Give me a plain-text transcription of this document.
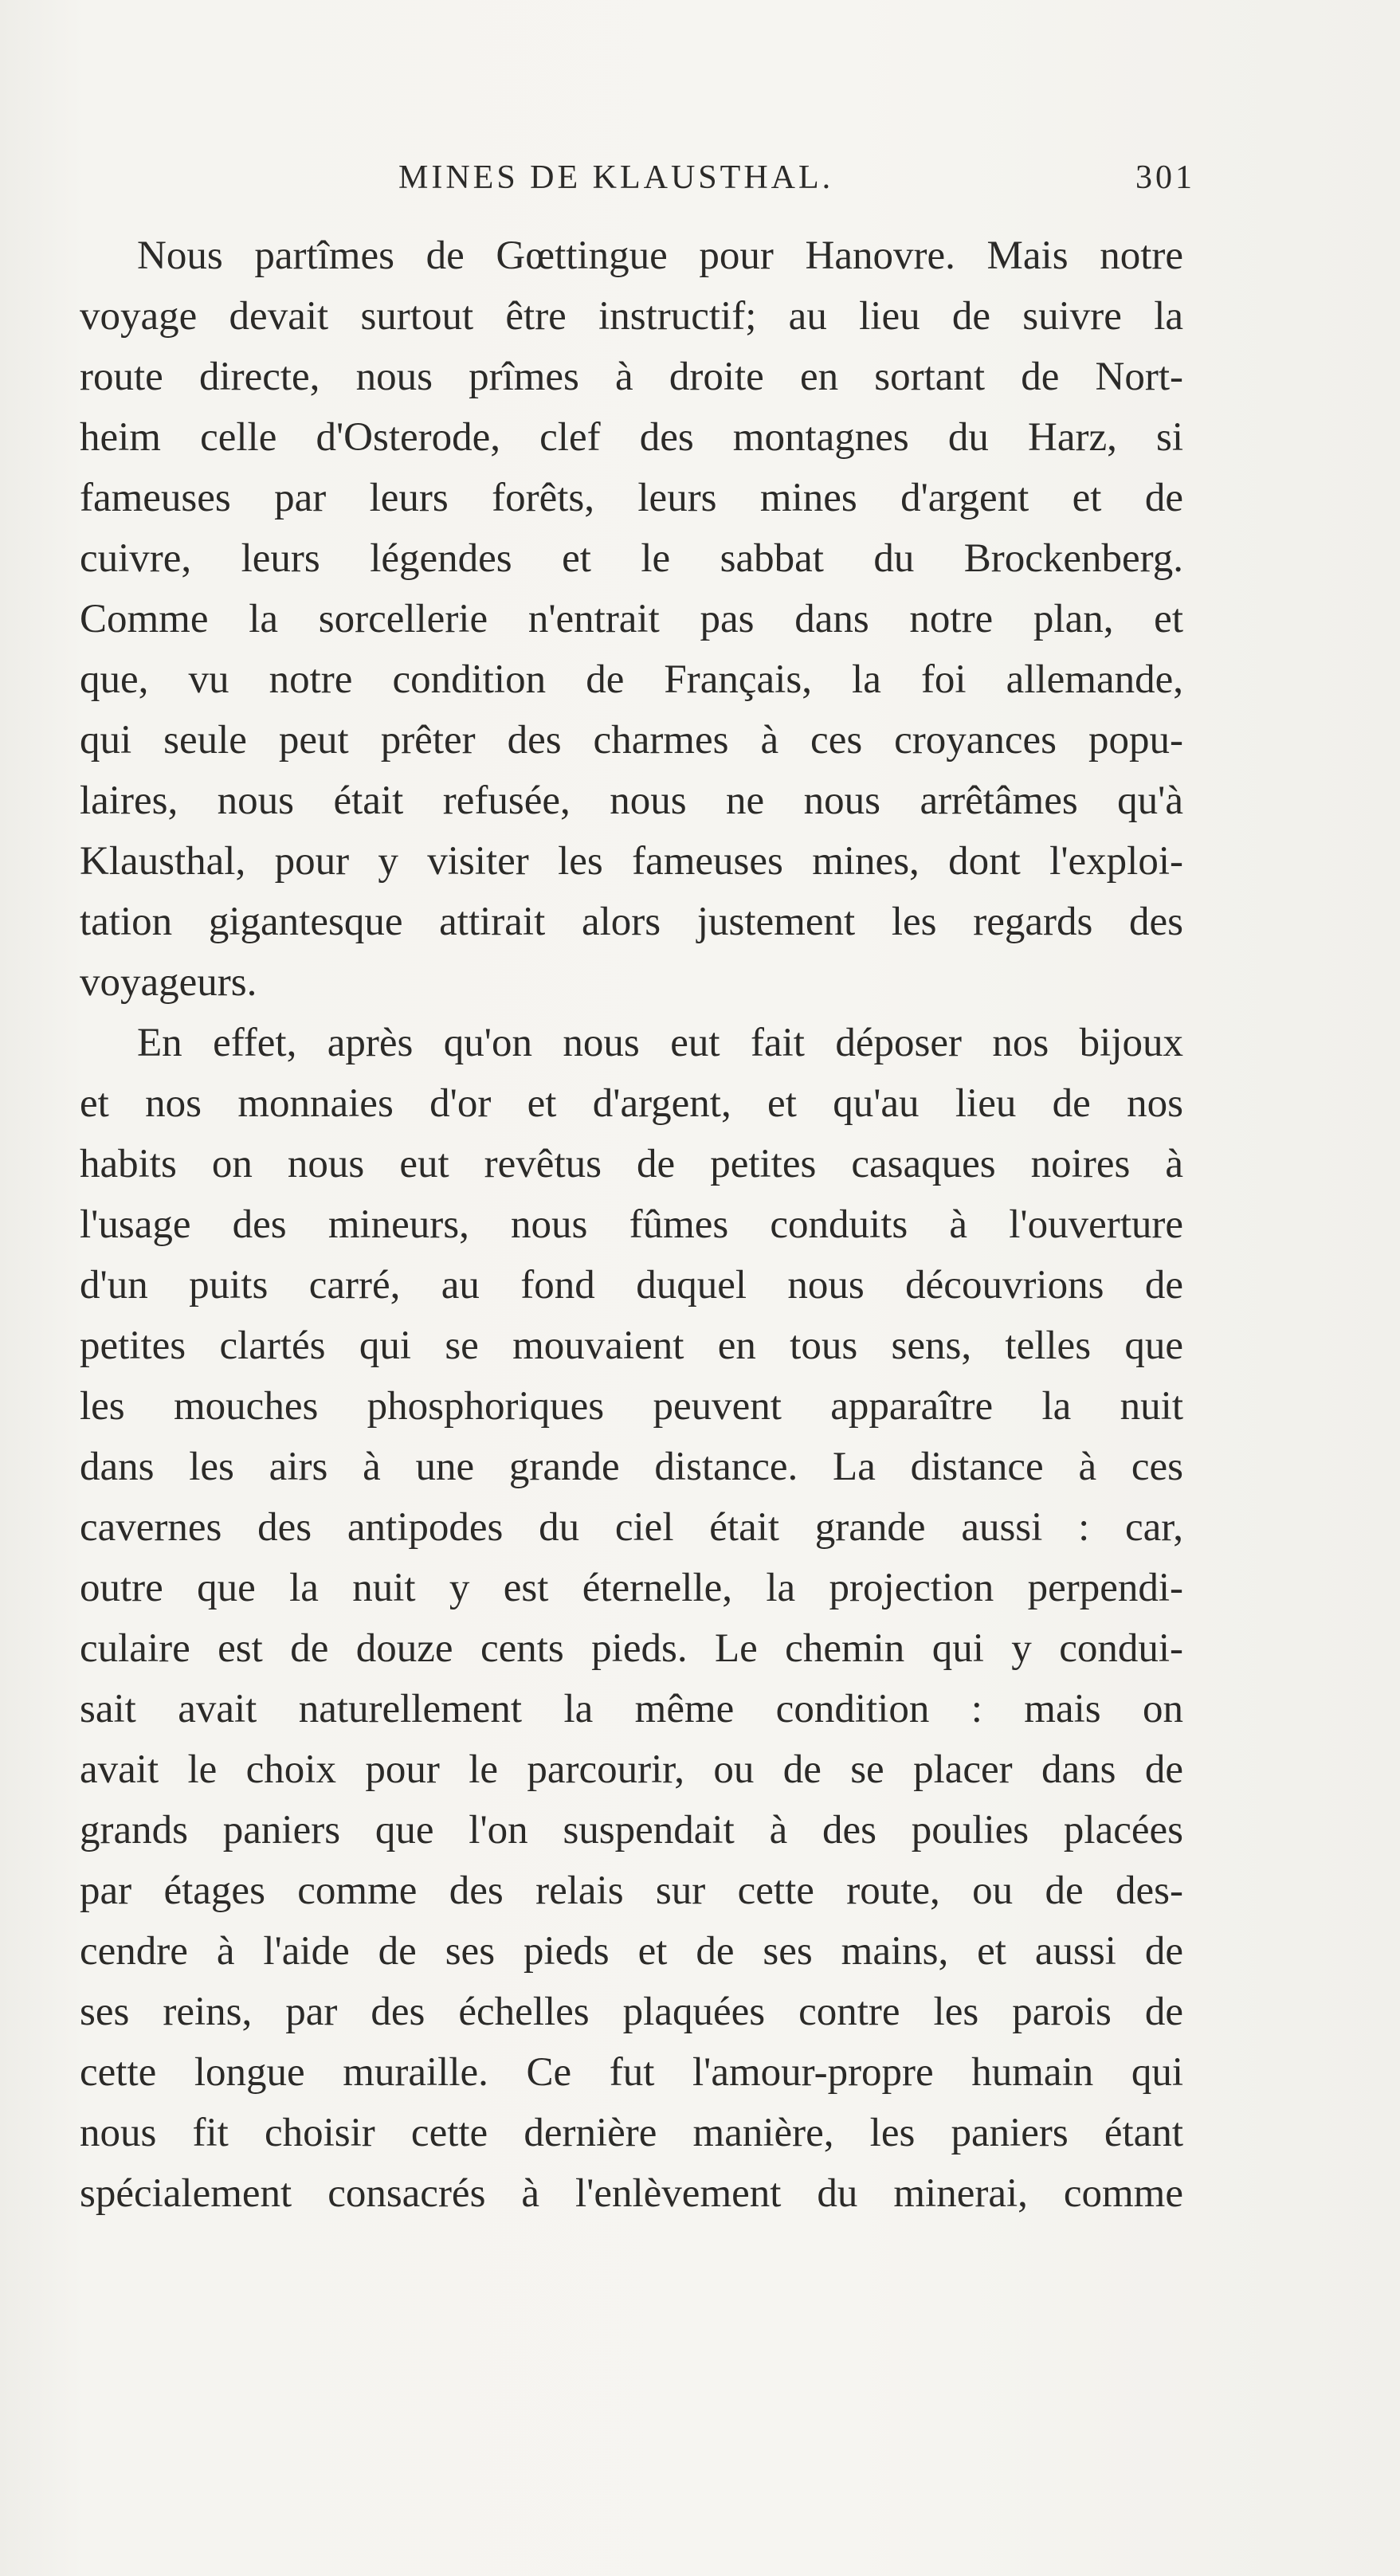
MINES DE KLAUSTHAL.	301
Nous partîmes de Gœttingue pour Hanovre. Mais notre
voyage devait surtout être instructif; au lieu de suivre la
route directe, nous prîmes à droite en sortant de Nort-
heim celle d'Osterode, clef des montagnes du Harz, si
fameuses par leurs forêts, leurs mines d'argent et de
cuivre, leurs légendes et le sabbat du Brockenberg.
Comme la sorcellerie n'entrait pas dans notre plan, et
que, vu notre condition de Français, la foi allemande,
qui seule peut prêter des charmes à ces croyances popu-
laires, nous était refusée, nous ne nous arrêtâmes qu'à
Klausthal, pour y visiter les fameuses mines, dont l'exploi-
tation gigantesque attirait alors justement les regards des
voyageurs.
En effet, après qu'on nous eut fait déposer nos bijoux
et nos monnaies d'or et d'argent, et qu'au lieu de nos
habits on nous eut revêtus de petites casaques noires à
l'usage des mineurs, nous fûmes conduits à l'ouverture
d'un puits carré, au fond duquel nous découvrions de
petites clartés qui se mouvaient en tous sens, telles que
les mouches phosphoriques peuvent apparaître la nuit
dans les airs à une grande distance. La distance à ces
cavernes des antipodes du ciel était grande aussi : car,
outre que la nuit y est éternelle, la projection perpendi-
culaire est de douze cents pieds. Le chemin qui y condui-
sait avait naturellement la même condition : mais on
avait le choix pour le parcourir, ou de se placer dans de
grands paniers que l'on suspendait à des poulies placées
par étages comme des relais sur cette route, ou de des-
cendre à l'aide de ses pieds et de ses mains, et aussi de
ses reins, par des échelles plaquées contre les parois de
cette longue muraille. Ce fut l'amour-propre humain qui
nous fit choisir cette dernière manière, les paniers étant
spécialement consacrés à l'enlèvement du minerai, comme
